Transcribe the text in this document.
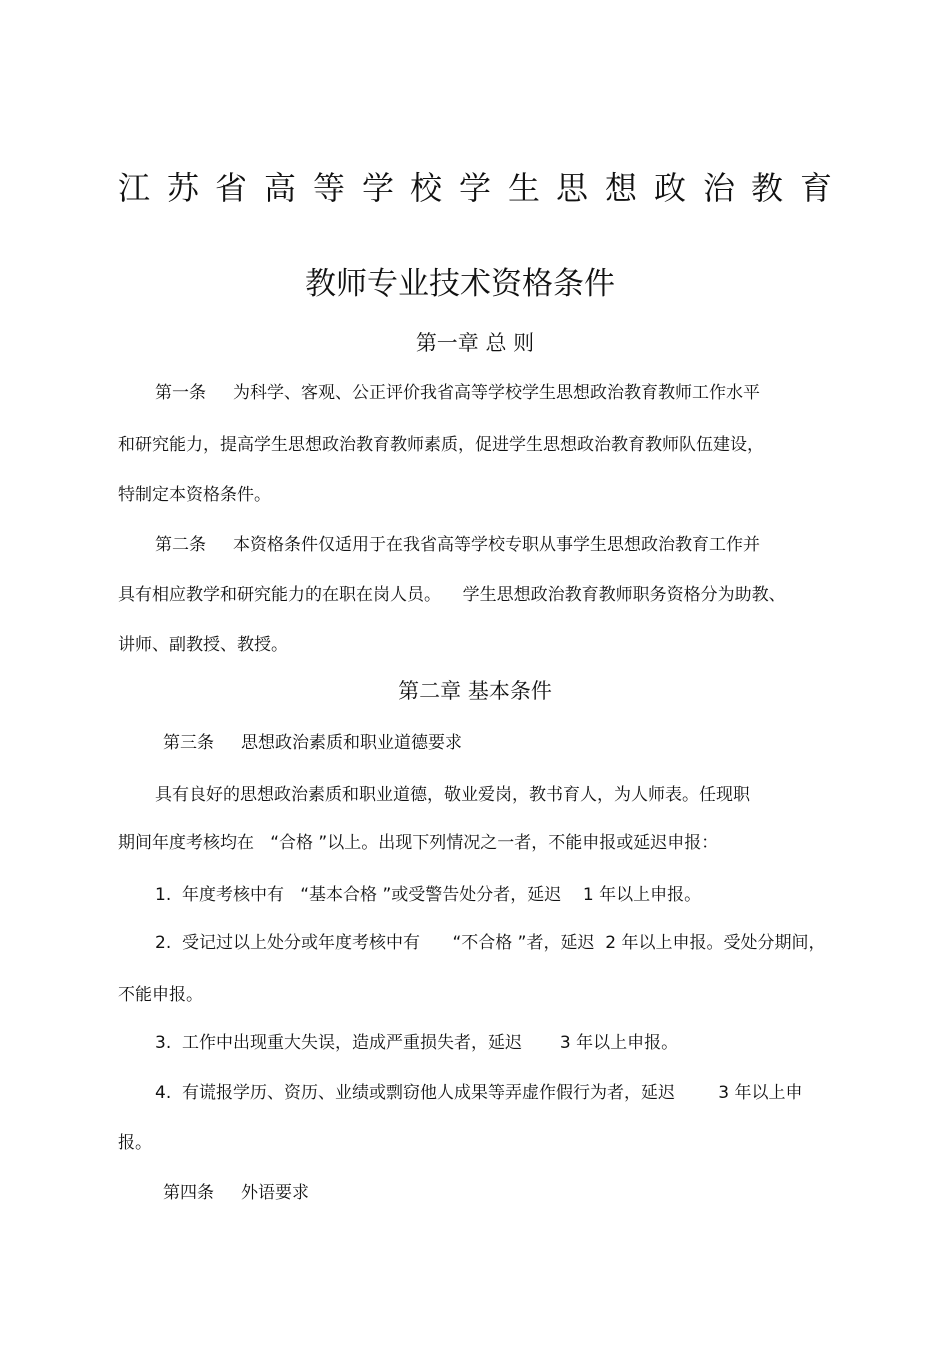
江 苏 省 高 等 学 校 学 生 思 想 政 治 教 育
教师专业技术资格条件
第一章 总 则
第一条     为科学、客观、公正评价我省高等学校学生思想政治教育教师工作水平
和研究能力，提高学生思想政治教育教师素质，促进学生思想政治教育教师队伍建设，
特制定本资格条件。
第二条     本资格条件仅适用于在我省高等学校专职从事学生思想政治教育工作并
具有相应教学和研究能力的在职在岗人员。    学生思想政治教育教师职务资格分为助教、
讲师、副教授、教授。
第二章 基本条件
第三条     思想政治素质和职业道德要求
具有良好的思想政治素质和职业道德，敬业爱岗，教书育人，为人师表。任现职
期间年度考核均在   “合格 ”以上。出现下列情况之一者，不能申报或延迟申报：
1.  年度考核中有   “基本合格 ”或受警告处分者，延迟    1 年以上申报。
2.  受记过以上处分或年度考核中有      “不合格 ”者，延迟  2 年以上申报。受处分期间，
不能申报。
3.  工作中出现重大失误，造成严重损失者，延迟       3 年以上申报。
4.  有谎报学历、资历、业绩或剽窃他人成果等弄虚作假行为者，延迟        3 年以上申
报。
第四条     外语要求
